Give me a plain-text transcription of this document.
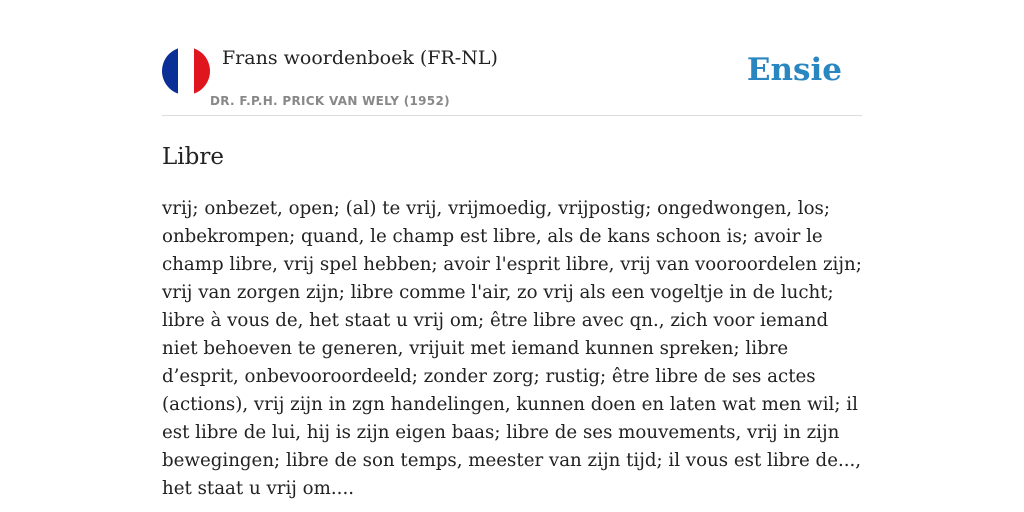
Frans woordenboek (FR-NL)
DR. F.P.H. PRICK VAN WELY (1952)
Ensie
Libre

vrij; onbezet, open; (al) te vrij, vrijmoedig, vrijpostig; ongedwongen, los; onbekrompen; quand, le champ est libre, als de kans schoon is; avoir le champ libre, vrij spel hebben; avoir l'esprit libre, vrij van vooroordelen zijn; vrij van zorgen zijn; libre comme l'air, zo vrij als een vogeltje in de lucht; libre à vous de, het staat u vrij om; être libre avec qn., zich voor iemand niet behoeven te generen, vrijuit met iemand kunnen spreken; libre d’esprit, onbevooroordeeld; zonder zorg; rustig; être libre de ses actes (actions), vrij zijn in zgn handelingen, kunnen doen en laten wat men wil; il est libre de lui, hij is zijn eigen baas; libre de ses mouvements, vrij in zijn bewegingen; libre de son temps, meester van zijn tijd; il vous est libre de..., het staat u vrij om....
